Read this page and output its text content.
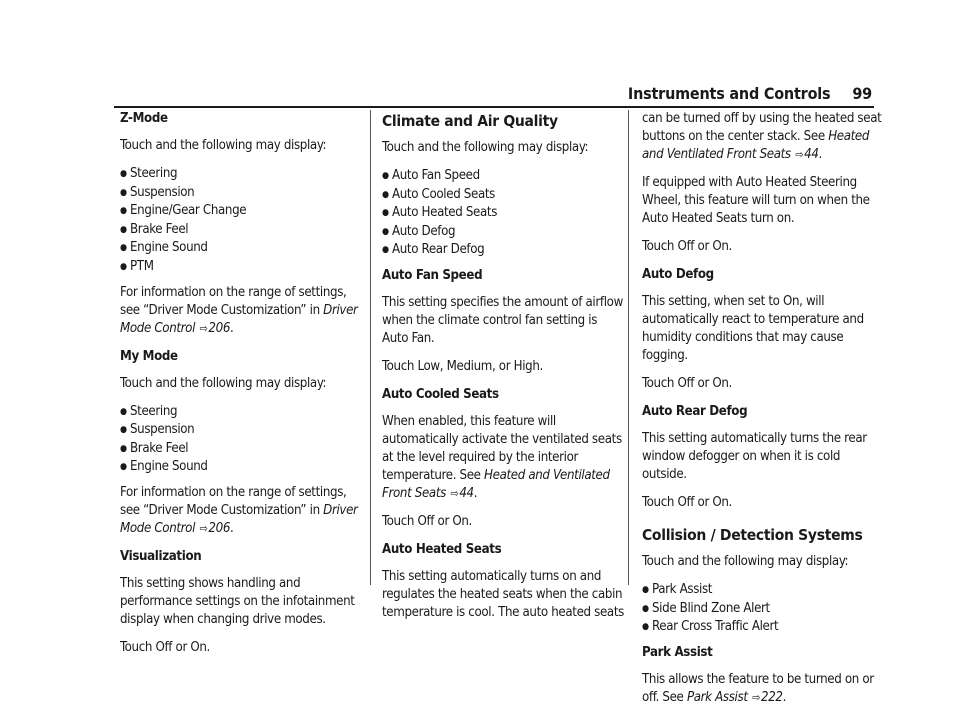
Instruments and Controls 99
Z-Mode

Touch and the following may display:

● Steering
● Suspension
● Engine/Gear Change
● Brake Feel
● Engine Sound
● PTM

For information on the range of settings, see “Driver Mode Customization” in Driver Mode Control ⇨206.

My Mode

Touch and the following may display:

● Steering
● Suspension
● Brake Feel
● Engine Sound

For information on the range of settings, see “Driver Mode Customization” in Driver Mode Control ⇨206.

Visualization

This setting shows handling and performance settings on the infotainment display when changing drive modes.

Touch Off or On.

Climate and Air Quality

Touch and the following may display:

● Auto Fan Speed
● Auto Cooled Seats
● Auto Heated Seats
● Auto Defog
● Auto Rear Defog
Auto Fan Speed

This setting specifies the amount of airflow when the climate control fan setting is Auto Fan.

Touch Low, Medium, or High.

Auto Cooled Seats

When enabled, this feature will automatically activate the ventilated seats at the level required by the interior temperature. See Heated and Ventilated Front Seats ⇨44.

Touch Off or On.

Auto Heated Seats

This setting automatically turns on and regulates the heated seats when the cabin temperature is cool. The auto heated seats

can be turned off by using the heated seat buttons on the center stack. See Heated and Ventilated Front Seats ⇨44.

If equipped with Auto Heated Steering Wheel, this feature will turn on when the Auto Heated Seats turn on.

Touch Off or On.

Auto Defog

This setting, when set to On, will automatically react to temperature and humidity conditions that may cause fogging.

Touch Off or On.

Auto Rear Defog

This setting automatically turns the rear window defogger on when it is cold outside.

Touch Off or On.

Collision / Detection Systems

Touch and the following may display:

● Park Assist
● Side Blind Zone Alert
● Rear Cross Traffic Alert
Park Assist

This allows the feature to be turned on or off. See Park Assist ⇨222.
